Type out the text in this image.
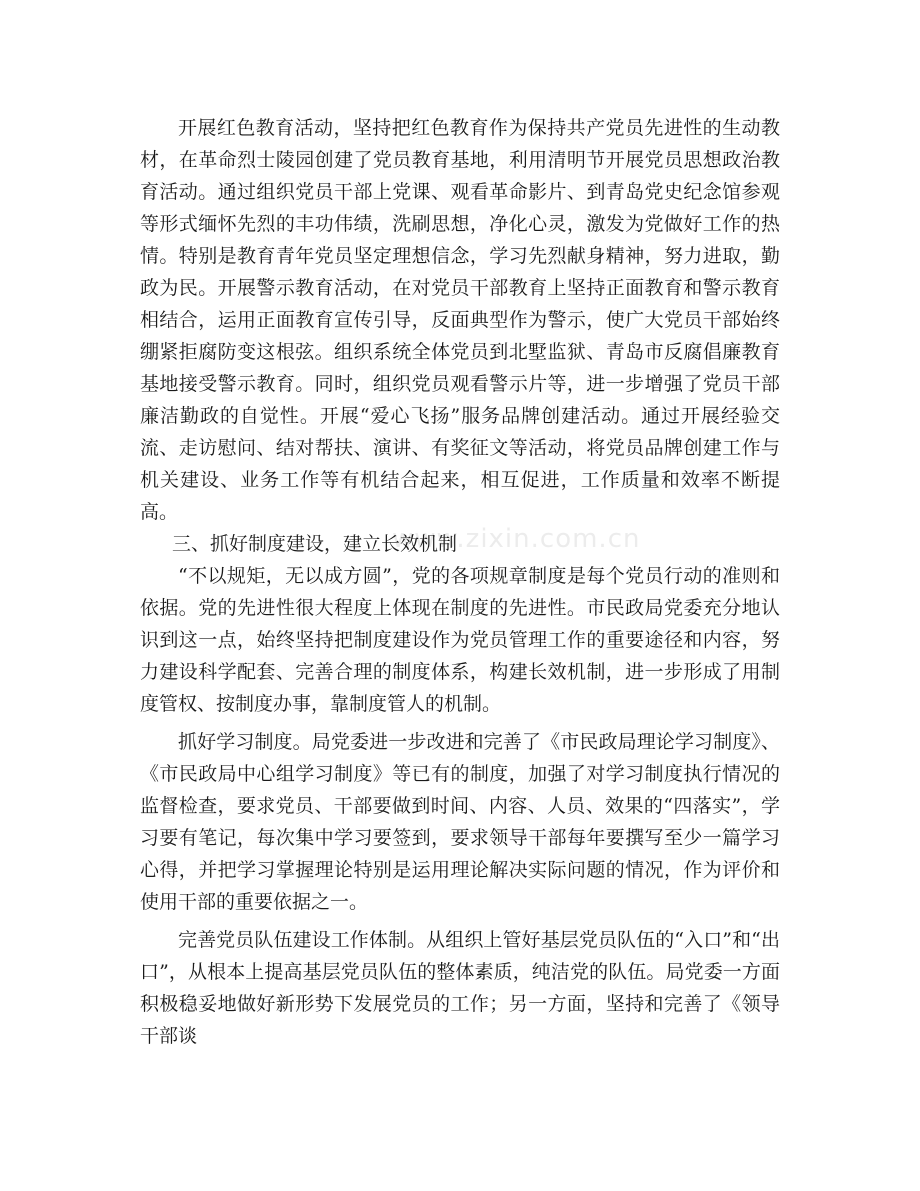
www.zixin.com.cn

开展红色教育活动，坚持把红色教育作为保持共产党员先进性的生动教材，在革命烈士陵园创建了党员教育基地，利用清明节开展党员思想政治教育活动。通过组织党员干部上党课、观看革命影片、到青岛党史纪念馆参观等形式缅怀先烈的丰功伟绩，洗刷思想，净化心灵，激发为党做好工作的热情。特别是教育青年党员坚定理想信念，学习先烈献身精神，努力进取，勤政为民。开展警示教育活动，在对党员干部教育上坚持正面教育和警示教育相结合，运用正面教育宣传引导，反面典型作为警示，使广大党员干部始终绷紧拒腐防变这根弦。组织系统全体党员到北墅监狱、青岛市反腐倡廉教育基地接受警示教育。同时，组织党员观看警示片等，进一步增强了党员干部廉洁勤政的自觉性。开展“爱心飞扬”服务品牌创建活动。通过开展经验交流、走访慰问、结对帮扶、演讲、有奖征文等活动，将党员品牌创建工作与机关建设、业务工作等有机结合起来，相互促进，工作质量和效率不断提高。

三、抓好制度建设，建立长效机制

“不以规矩，无以成方圆”，党的各项规章制度是每个党员行动的准则和依据。党的先进性很大程度上体现在制度的先进性。市民政局党委充分地认识到这一点，始终坚持把制度建设作为党员管理工作的重要途径和内容，努力建设科学配套、完善合理的制度体系，构建长效机制，进一步形成了用制度管权、按制度办事，靠制度管人的机制。

抓好学习制度。局党委进一步改进和完善了《市民政局理论学习制度》、《市民政局中心组学习制度》等已有的制度，加强了对学习制度执行情况的监督检查，要求党员、干部要做到时间、内容、人员、效果的“四落实”，学习要有笔记，每次集中学习要签到，要求领导干部每年要撰写至少一篇学习心得，并把学习掌握理论特别是运用理论解决实际问题的情况，作为评价和使用干部的重要依据之一。

完善党员队伍建设工作体制。从组织上管好基层党员队伍的“入口”和“出口”，从根本上提高基层党员队伍的整体素质，纯洁党的队伍。局党委一方面积极稳妥地做好新形势下发展党员的工作；另一方面，坚持和完善了《领导干部谈
